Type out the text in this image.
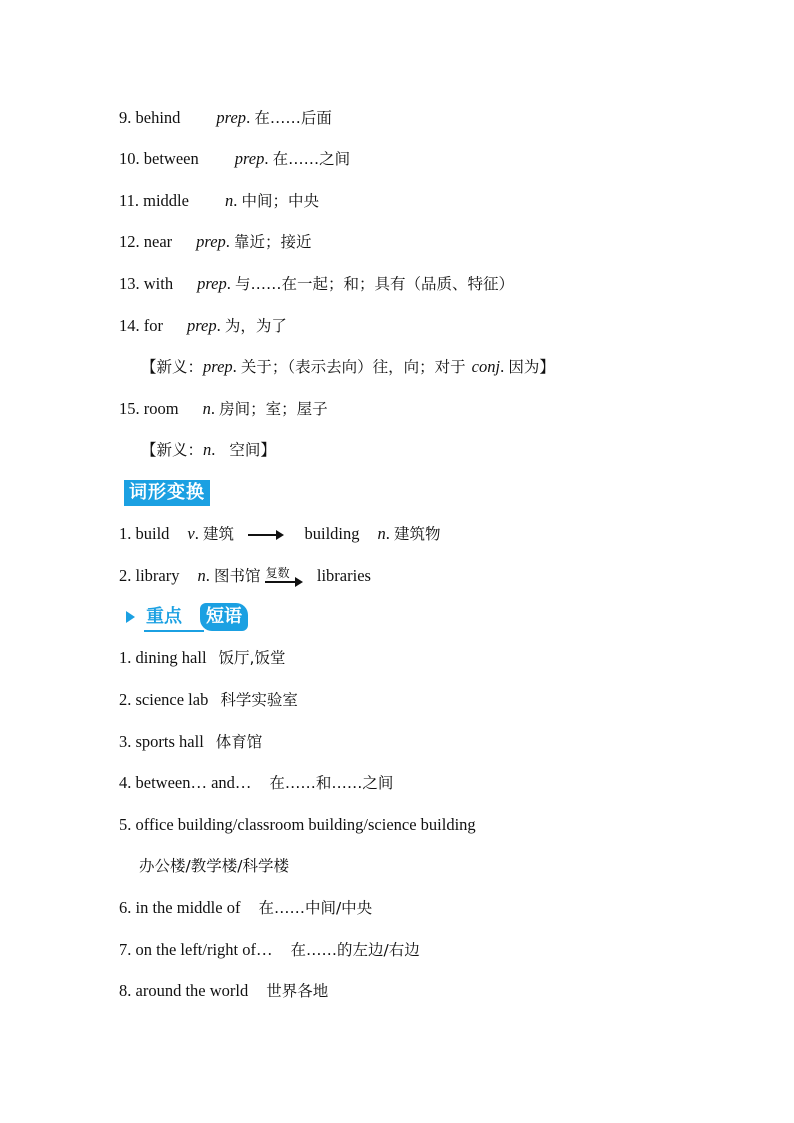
9. behind prep. 在……后面
10. between prep. 在……之间
11. middle n. 中间；中央
12. near prep. 靠近；接近
13. with prep. 与……在一起；和；具有（品质、特征）
14. for prep. 为，为了
【新义：prep. 关于；（表示去向）往，向；对于 conj. 因为】
15. room n. 房间；室；屋子
【新义：n. 空间】
词形变换
1. build v. 建筑	building n. 建筑物
2. library n. 图书馆 复数 libraries
重点	短语
1. dining hall 饭厅,饭堂
2. science lab 科学实验室
3. sports hall 体育馆
4. between… and… 在……和……之间
5. office building/classroom building/science building
办公楼/教学楼/科学楼
6. in the middle of 在……中间/中央
7. on the left/right of… 在……的左边/右边
8. around the world 世界各地
